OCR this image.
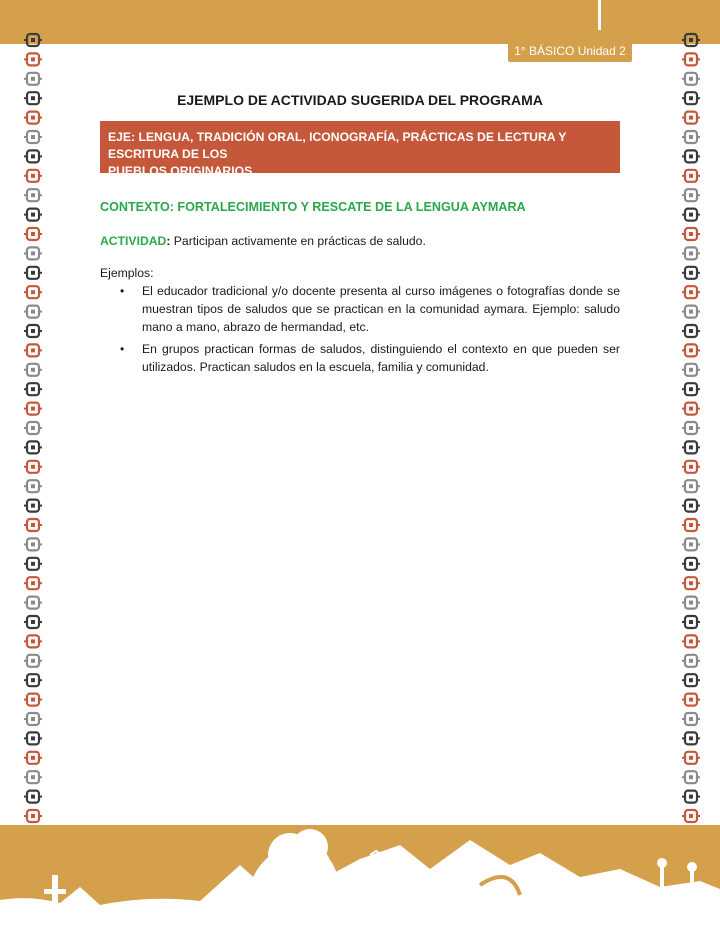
1° BÁSICO Unidad 2
EJEMPLO DE ACTIVIDAD SUGERIDA DEL PROGRAMA
EJE: LENGUA, TRADICIÓN ORAL, ICONOGRAFÍA, PRÁCTICAS DE LECTURA Y ESCRITURA DE LOS
PUEBLOS ORIGINARIOS.
CONTEXTO: FORTALECIMIENTO Y RESCATE DE LA LENGUA AYMARA
ACTIVIDAD: Participan activamente en prácticas de saludo.
Ejemplos:
• El educador tradicional y/o docente presenta al curso imágenes o fotografías donde se muestran tipos de saludos que se practican en la comunidad aymara. Ejemplo: saludo mano a mano, abrazo de hermandad, etc.
• En grupos practican formas de saludos, distinguiendo el contexto en que pueden ser utilizados. Practican saludos en la escuela, familia y comunidad.
